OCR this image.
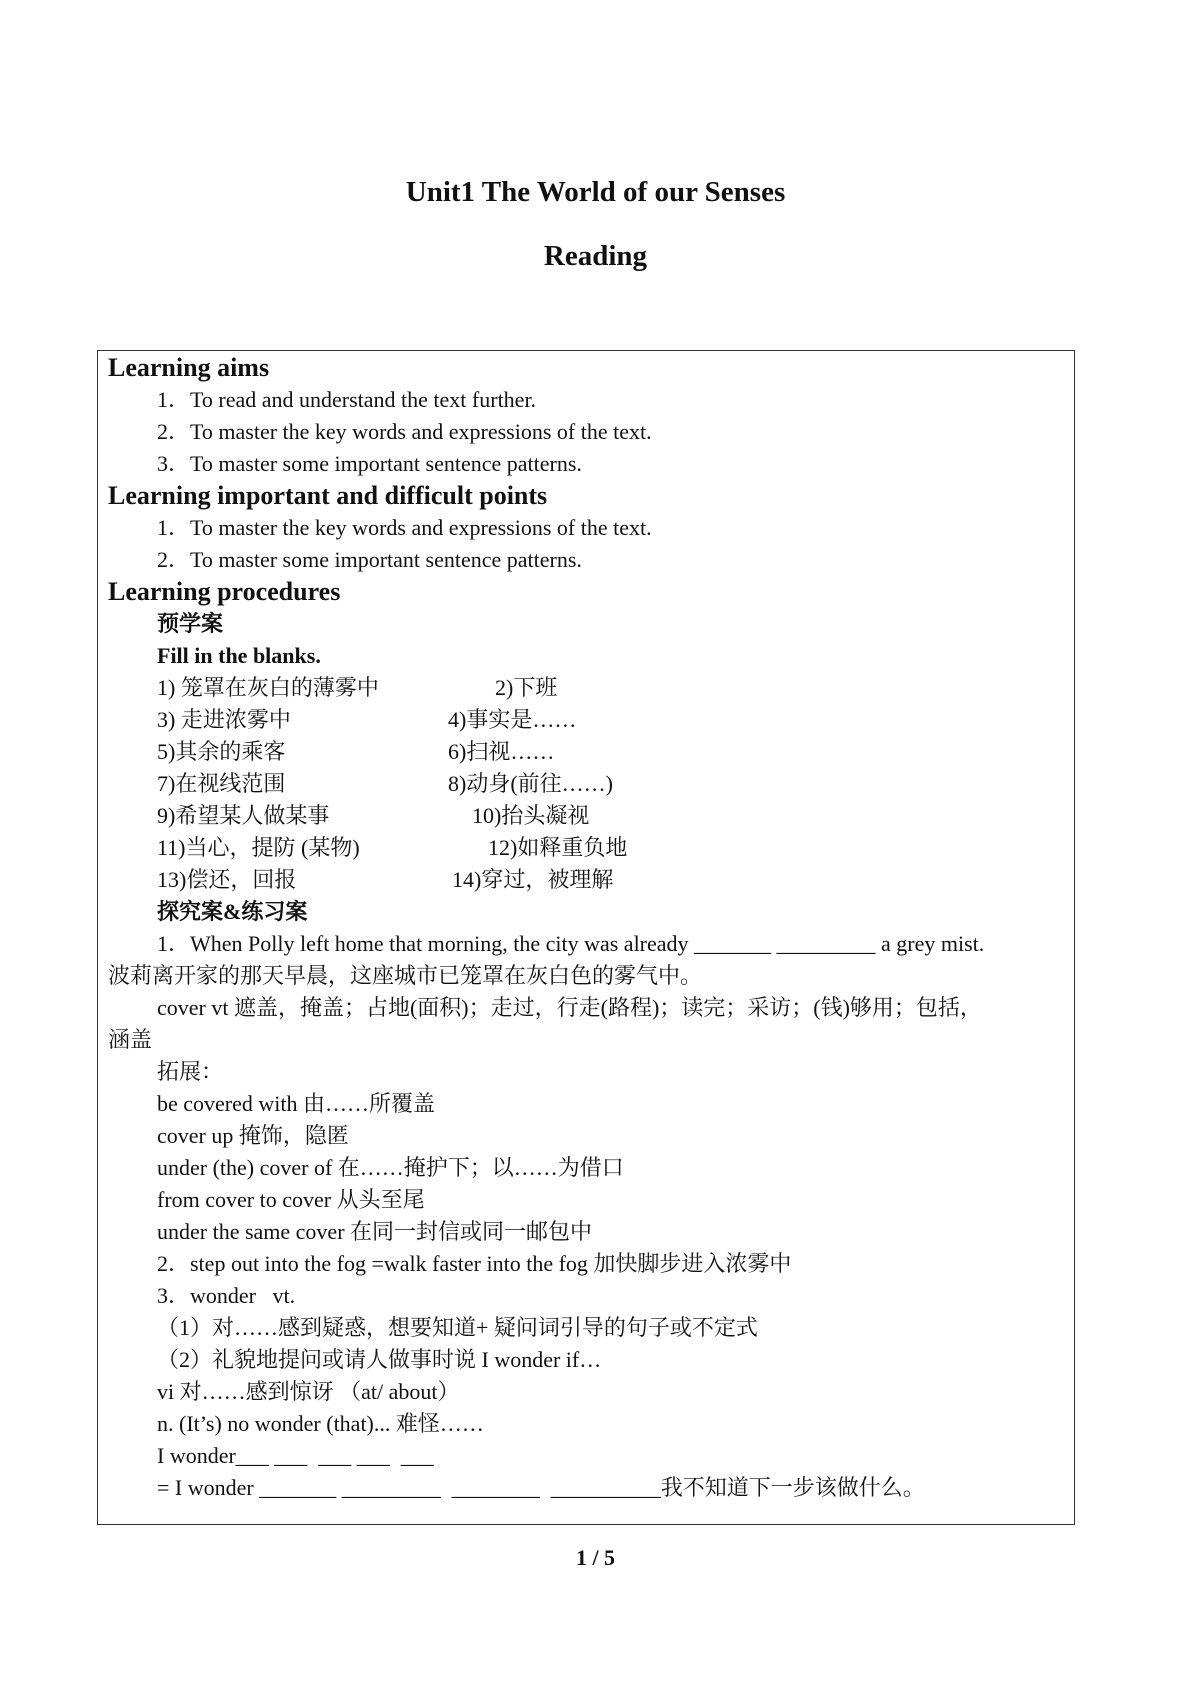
Unit1 The World of our Senses
Reading
Learning aims
1．To read and understand the text further.
2．To master the key words and expressions of the text.
3．To master some important sentence patterns.
Learning important and difficult points
1．To master the key words and expressions of the text.
2．To master some important sentence patterns.
Learning procedures
预学案
Fill in the blanks.
1) 笼罩在灰白的薄雾中	2)下班
3) 走进浓雾中	4)事实是……
5)其余的乘客	6)扫视……
7)在视线范围	8)动身(前往……)
9)希望某人做某事	10)抬头凝视
11)当心，提防 (某物)	12)如释重负地
13)偿还，回报	14)穿过，被理解
探究案&练习案
1．When Polly left home that morning, the city was already _______ _________ a grey mist.
波莉离开家的那天早晨，这座城市已笼罩在灰白色的雾气中。
cover vt 遮盖，掩盖；占地(面积)；走过，行走(路程)；读完；采访；(钱)够用；包括，
涵盖
拓展：
be covered with 由……所覆盖
cover up 掩饰，隐匿
under (the) cover of 在……掩护下；以……为借口
from cover to cover 从头至尾
under the same cover 在同一封信或同一邮包中
2．step out into the fog =walk faster into the fog 加快脚步进入浓雾中
3．wonder   vt.
（1）对……感到疑惑，想要知道+ 疑问词引导的句子或不定式
（2）礼貌地提问或请人做事时说 I wonder if…
vi 对……感到惊讶 （at/ about）
n. (It’s) no wonder (that)... 难怪……
I wonder___ ___  ___ ___  ___
= I wonder _______ _________  ________  __________我不知道下一步该做什么。
1 / 5
